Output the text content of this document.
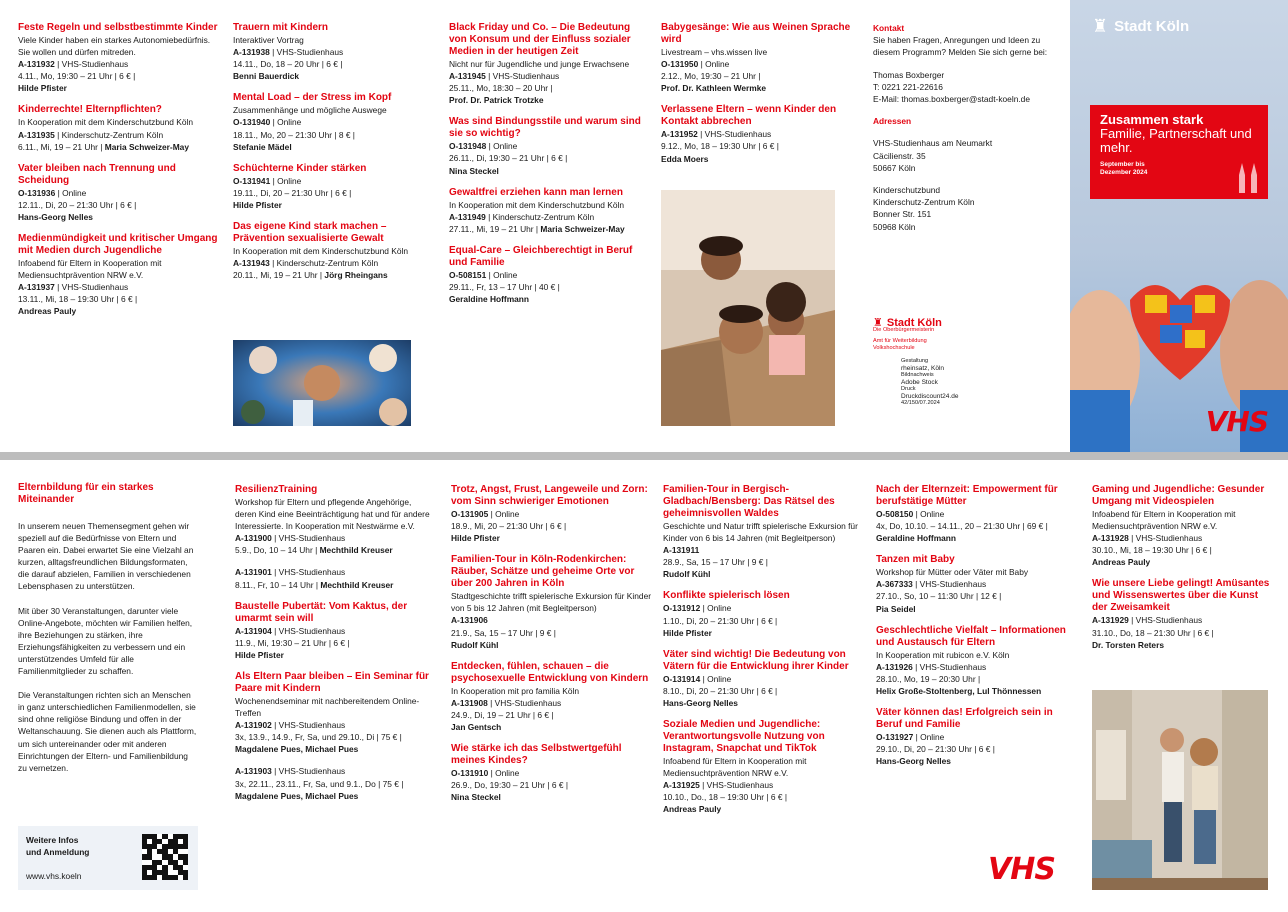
Feste Regeln und selbstbestimmte Kinder
Viele Kinder haben ein starkes Autonomiebedürfnis. Sie wollen und dürfen mitreden.
A-131932 | VHS-Studienhaus
4.11., Mo, 19:30 – 21 Uhr | 6 € |
Hilde Pfister
Kinderrechte! Elternpflichten?
In Kooperation mit dem Kinderschutzbund Köln
A-131935 | Kinderschutz-Zentrum Köln
6.11., Mi, 19 – 21 Uhr | Maria Schweizer-May
Vater bleiben nach Trennung und Scheidung
O-131936 | Online
12.11., Di, 20 – 21:30 Uhr | 6 € |
Hans-Georg Nelles
Medienmündigkeit und kritischer Umgang mit Medien durch Jugendliche
Infoabend für Eltern in Kooperation mit Mediensuchtprävention NRW e.V.
A-131937 | VHS-Studienhaus
13.11., Mi, 18 – 19:30 Uhr | 6 € |
Andreas Pauly
Trauern mit Kindern
Interaktiver Vortrag
A-131938 | VHS-Studienhaus
14.11., Do, 18 – 20 Uhr | 6 € |
Benni Bauerdick
Mental Load – der Stress im Kopf
Zusammenhänge und mögliche Auswege
O-131940 | Online
18.11., Mo, 20 – 21:30 Uhr | 8 € |
Stefanie Mädel
Schüchterne Kinder stärken
O-131941 | Online
19.11., Di, 20 – 21:30 Uhr | 6 € |
Hilde Pfister
Das eigene Kind stark machen – Prävention sexualisierte Gewalt
In Kooperation mit dem Kinderschutzbund Köln
A-131943 | Kinderschutz-Zentrum Köln
20.11., Mi, 19 – 21 Uhr | Jörg Rheingans
Black Friday und Co. – Die Bedeutung von Konsum und der Einfluss sozialer Medien in der heutigen Zeit
Nicht nur für Jugendliche und junge Erwachsene
A-131945 | VHS-Studienhaus
25.11., Mo, 18:30 – 20 Uhr |
Prof. Dr. Patrick Trotzke
Was sind Bindungsstile und warum sind sie so wichtig?
O-131948 | Online
26.11., Di, 19:30 – 21 Uhr | 6 € |
Nina Steckel
Gewaltfrei erziehen kann man lernen
In Kooperation mit dem Kinderschutzbund Köln
A-131949 | Kinderschutz-Zentrum Köln
27.11., Mi, 19 – 21 Uhr | Maria Schweizer-May
Equal-Care – Gleichberechtigt in Beruf und Familie
O-508151 | Online
29.11., Fr, 13 – 17 Uhr | 40 € |
Geraldine Hoffmann
Babygesänge: Wie aus Weinen Sprache wird
Livestream – vhs.wissen live
O-131950 | Online
2.12., Mo, 19:30 – 21 Uhr |
Prof. Dr. Kathleen Wermke
Verlassene Eltern – wenn Kinder den Kontakt abbrechen
A-131952 | VHS-Studienhaus
9.12., Mo, 18 – 19:30 Uhr | 6 € |
Edda Moers

Kontakt
Sie haben Fragen, Anregungen und Ideen zu diesem Programm? Melden Sie sich gerne bei:

Thomas Boxberger
T: 0221 221-22616
E-Mail: thomas.boxberger@stadt-koeln.de

Adressen

VHS-Studienhaus am Neumarkt
Cäcilienstr. 35
50667 Köln

Kinderschutzbund
Kinderschutz-Zentrum Köln
Bonner Str. 151
50968 Köln

♜ Stadt Köln
Die Oberbürgermeisterin
Amt für Weiterbildung
Volkshochschule
Gestaltung
rheinsatz, Köln
Bildnachweis
Adobe Stock
Druck
Druckdiscount24.de
42/150/07.2024
♜ Stadt Köln
Zusammen stark
Familie, Partnerschaft und mehr.
September bis
Dezember 2024
VHS
Elternbildung für ein starkes Miteinander

In unserem neuen Themensegment gehen wir speziell auf die Bedürfnisse von Eltern und Paaren ein. Dabei erwartet Sie eine Vielzahl an kurzen, alltagsfreundlichen Bildungsformaten, die darauf abzielen, Familien in verschiedenen Lebensphasen zu unterstützen.

Mit über 30 Veranstaltungen, darunter viele Online-Angebote, möchten wir Familien helfen, ihre Beziehungen zu stärken, ihre Erziehungsfähigkeiten zu verbessern und ein unterstützendes Umfeld für alle Familienmitglieder zu schaffen.

Die Veranstaltungen richten sich an Menschen in ganz unterschiedlichen Familienmodellen, sie sind ohne religiöse Bindung und offen in der Weltanschauung. Sie dienen auch als Plattform, um sich untereinander oder mit anderen Einrichtungen der Eltern- und Familienbildung zu vernetzen.

Weitere Infos
und Anmeldung
www.vhs.koeln
ResilienzTraining
Workshop für Eltern und pflegende Angehörige, deren Kind eine Beeinträchtigung hat und für andere Interessierte. In Kooperation mit Nestwärme e.V.
A-131900 | VHS-Studienhaus
5.9., Do, 10 – 14 Uhr | Mechthild Kreuser
A-131901 | VHS-Studienhaus
8.11., Fr, 10 – 14 Uhr | Mechthild Kreuser
Baustelle Pubertät: Vom Kaktus, der umarmt sein will
A-131904 | VHS-Studienhaus
11.9., Mi, 19:30 – 21 Uhr | 6 € |
Hilde Pfister
Als Eltern Paar bleiben – Ein Seminar für Paare mit Kindern
Wochenendseminar mit nachbereitendem Online-Treffen
A-131902 | VHS-Studienhaus
3x, 13.9., 14.9., Fr, Sa, und 29.10., Di | 75 € |
Magdalene Pues, Michael Pues
A-131903 | VHS-Studienhaus
3x, 22.11., 23.11., Fr, Sa, und 9.1., Do | 75 € |
Magdalene Pues, Michael Pues
Trotz, Angst, Frust, Langeweile und Zorn: vom Sinn schwieriger Emotionen
O-131905 | Online
18.9., Mi, 20 – 21:30 Uhr | 6 € |
Hilde Pfister
Familien-Tour in Köln-Rodenkirchen: Räuber, Schätze und geheime Orte vor über 200 Jahren in Köln
Stadtgeschichte trifft spielerische Exkursion für Kinder von 5 bis 12 Jahren (mit Begleitperson)
A-131906
21.9., Sa, 15 – 17 Uhr | 9 € |
Rudolf Kühl
Entdecken, fühlen, schauen – die psychosexuelle Entwicklung von Kindern
In Kooperation mit pro familia Köln
A-131908 | VHS-Studienhaus
24.9., Di, 19 – 21 Uhr | 6 € |
Jan Gentsch
Wie stärke ich das Selbstwertgefühl meines Kindes?
O-131910 | Online
26.9., Do, 19:30 – 21 Uhr | 6 € |
Nina Steckel
Familien-Tour in Bergisch-Gladbach/Bensberg: Das Rätsel des geheimnisvollen Waldes
Geschichte und Natur trifft spielerische Exkursion für Kinder von 6 bis 14 Jahren (mit Begleitperson)
A-131911
28.9., Sa, 15 – 17 Uhr | 9 € |
Rudolf Kühl
Konflikte spielerisch lösen
O-131912 | Online
1.10., Di, 20 – 21:30 Uhr | 6 € |
Hilde Pfister
Väter sind wichtig! Die Bedeutung von Vätern für die Entwicklung ihrer Kinder
O-131914 | Online
8.10., Di, 20 – 21:30 Uhr | 6 € |
Hans-Georg Nelles
Soziale Medien und Jugendliche: Verantwortungsvolle Nutzung von Instagram, Snapchat und TikTok
Infoabend für Eltern in Kooperation mit Mediensuchtprävention NRW e.V.
A-131925 | VHS-Studienhaus
10.10., Do., 18 – 19:30 Uhr | 6 € |
Andreas Pauly
Nach der Elternzeit: Empowerment für berufstätige Mütter
O-508150 | Online
4x, Do, 10.10. – 14.11., 20 – 21:30 Uhr | 69 € |
Geraldine Hoffmann
Tanzen mit Baby
Workshop für Mütter oder Väter mit Baby
A-367333 | VHS-Studienhaus
27.10., So, 10 – 11:30 Uhr | 12 € |
Pia Seidel
Geschlechtliche Vielfalt – Informationen und Austausch für Eltern
In Kooperation mit rubicon e.V. Köln
A-131926 | VHS-Studienhaus
28.10., Mo, 19 – 20:30 Uhr |
Helix Große-Stoltenberg, Lul Thönnessen
Väter können das! Erfolgreich sein in Beruf und Familie
O-131927 | Online
29.10., Di, 20 – 21:30 Uhr | 6 € |
Hans-Georg Nelles
Gaming und Jugendliche: Gesunder Umgang mit Videospielen
Infoabend für Eltern in Kooperation mit Mediensuchtprävention NRW e.V.
A-131928 | VHS-Studienhaus
30.10., Mi, 18 – 19:30 Uhr | 6 € |
Andreas Pauly
Wie unsere Liebe gelingt! Amüsantes und Wissenswertes über die Kunst der Zweisamkeit
A-131929 | VHS-Studienhaus
31.10., Do, 18 – 21:30 Uhr | 6 € |
Dr. Torsten Reters
VHS
